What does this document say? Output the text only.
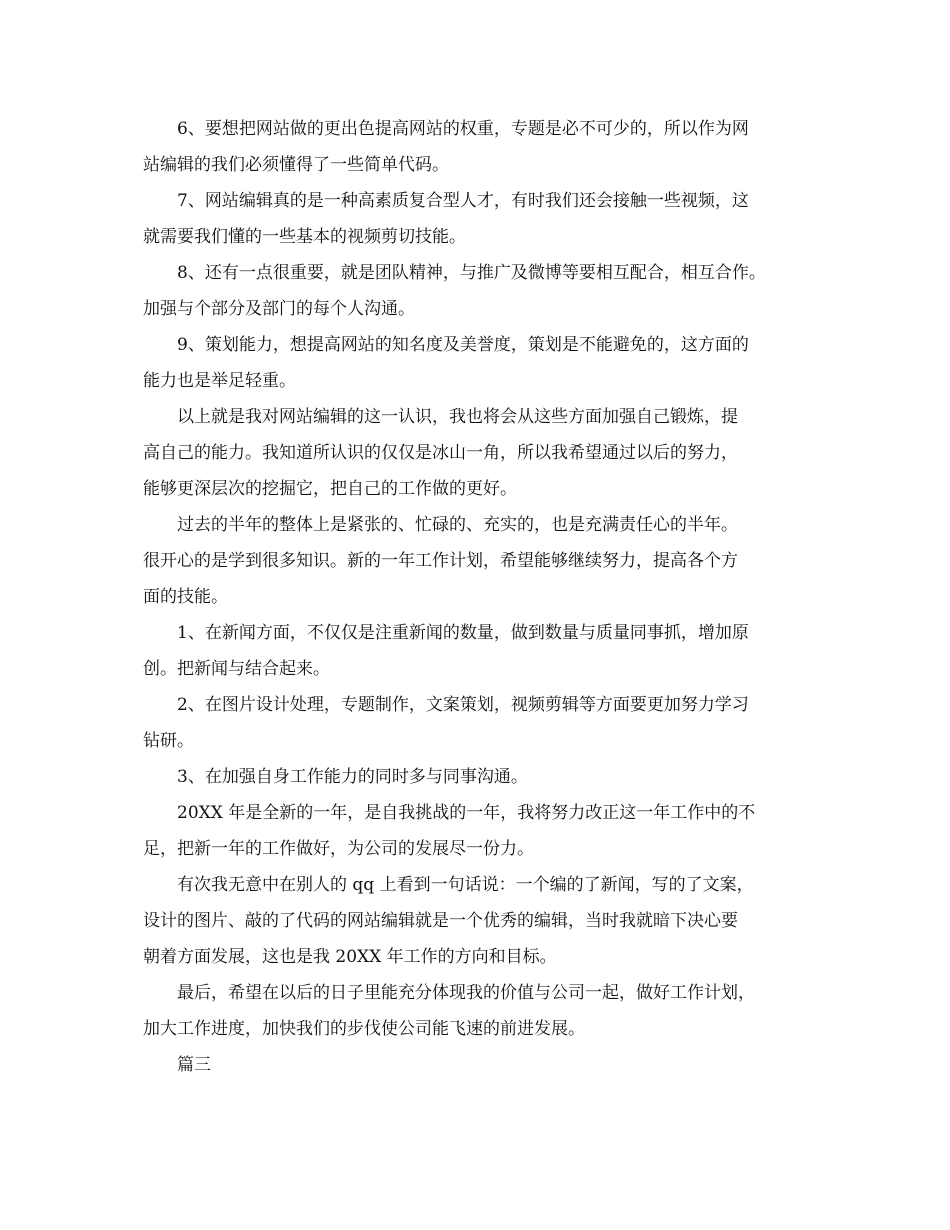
6、要想把网站做的更出色提高网站的权重，专题是必不可少的，所以作为网
站编辑的我们必须懂得了一些简单代码。
7、网站编辑真的是一种高素质复合型人才，有时我们还会接触一些视频，这
就需要我们懂的一些基本的视频剪切技能。
8、还有一点很重要，就是团队精神，与推广及微博等要相互配合，相互合作。
加强与个部分及部门的每个人沟通。
9、策划能力，想提高网站的知名度及美誉度，策划是不能避免的，这方面的
能力也是举足轻重。
以上就是我对网站编辑的这一认识，我也将会从这些方面加强自己锻炼，提
高自己的能力。我知道所认识的仅仅是冰山一角，所以我希望通过以后的努力，
能够更深层次的挖掘它，把自己的工作做的更好。
过去的半年的整体上是紧张的、忙碌的、充实的，也是充满责任心的半年。
很开心的是学到很多知识。新的一年工作计划，希望能够继续努力，提高各个方
面的技能。
1、在新闻方面，不仅仅是注重新闻的数量，做到数量与质量同事抓，增加原
创。把新闻与结合起来。
2、在图片设计处理，专题制作，文案策划，视频剪辑等方面要更加努力学习
钻研。
3、在加强自身工作能力的同时多与同事沟通。
20XX 年是全新的一年，是自我挑战的一年，我将努力改正这一年工作中的不
足，把新一年的工作做好，为公司的发展尽一份力。
有次我无意中在别人的 qq 上看到一句话说：一个编的了新闻，写的了文案，
设计的图片、敲的了代码的网站编辑就是一个优秀的编辑，当时我就暗下决心要
朝着方面发展，这也是我 20XX 年工作的方向和目标。
最后，希望在以后的日子里能充分体现我的价值与公司一起，做好工作计划，
加大工作进度，加快我们的步伐使公司能飞速的前进发展。
篇三
